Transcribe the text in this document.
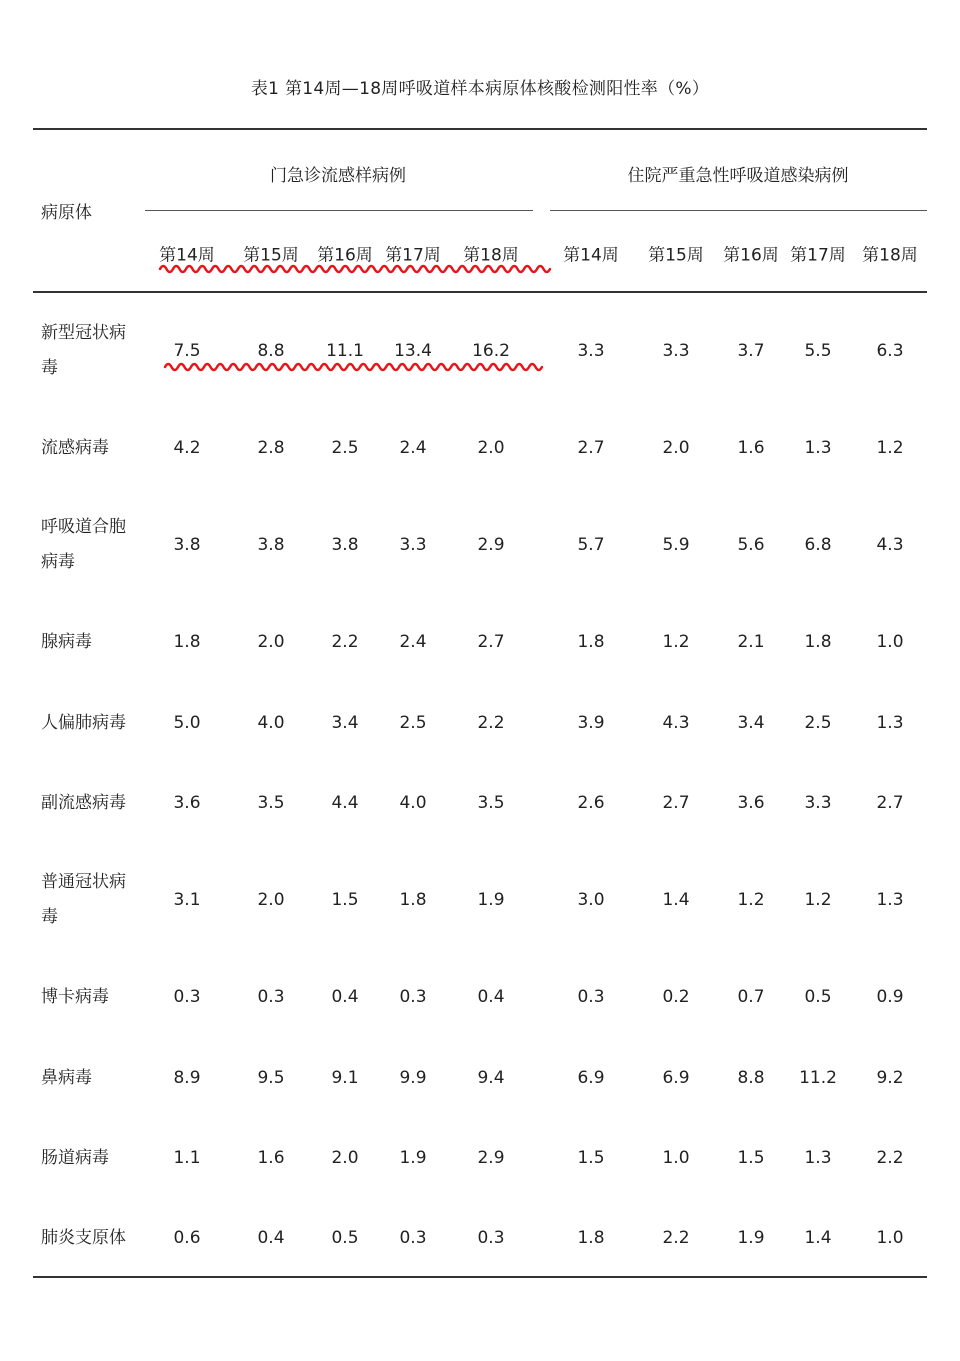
表1 第14周—18周呼吸道样本病原体核酸检测阳性率（%）
病原体
门急诊流感样病例	住院严重急性呼吸道感染病例
第14周 第15周 第16周 第17周 第18周	第14周 第15周 第16周 第17周 第18周
新型冠状病
毒
7.5	8.8 11.1 13.4 16.2	3.3	3.3	3.7 5.5	6.3
流感病毒	4.2	2.8	2.5 2.4	2.0	2.7	2.0	1.6 1.3	1.2
呼吸道合胞
病毒
3.8	3.8	3.8 3.3	2.9	5.7	5.9	5.6 6.8	4.3
腺病毒	1.8	2.0	2.2 2.4	2.7	1.8	1.2	2.1 1.8	1.0
人偏肺病毒	5.0	4.0	3.4 2.5	2.2	3.9	4.3	3.4 2.5	1.3
副流感病毒	3.6	3.5	4.4 4.0	3.5	2.6	2.7	3.6 3.3	2.7
普通冠状病
毒
3.1	2.0	1.5 1.8	1.9	3.0	1.4	1.2 1.2	1.3
博卡病毒	0.3	0.3	0.4 0.3	0.4	0.3	0.2	0.7 0.5	0.9
鼻病毒	8.9	9.5	9.1 9.9	9.4	6.9	6.9	8.8 11.2 9.2
肠道病毒	1.1	1.6	2.0 1.9	2.9	1.5	1.0	1.5 1.3	2.2
肺炎支原体	0.6	0.4	0.5 0.3	0.3	1.8	2.2	1.9 1.4	1.0
